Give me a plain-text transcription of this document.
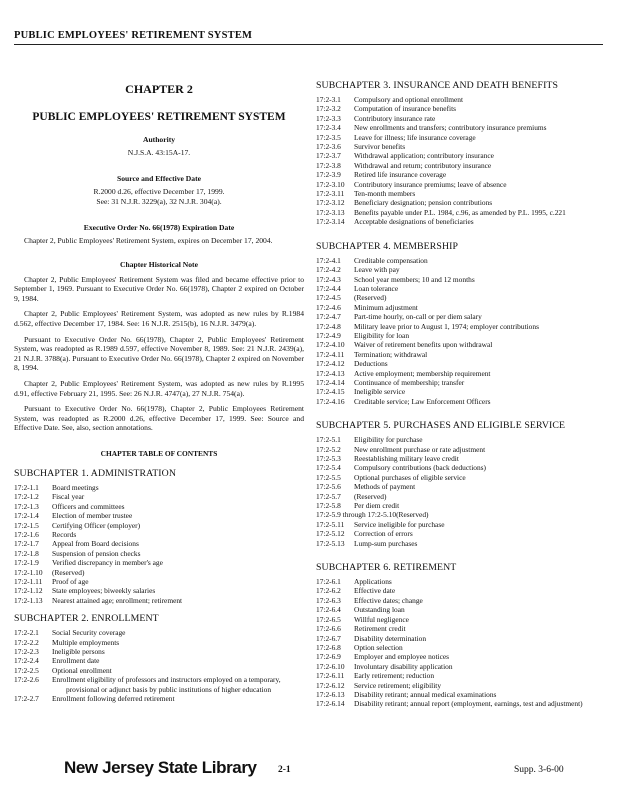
PUBLIC EMPLOYEES' RETIREMENT SYSTEM
CHAPTER 2
PUBLIC EMPLOYEES' RETIREMENT SYSTEM
Authority
N.J.S.A. 43:15A-17.
Source and Effective Date
R.2000 d.26, effective December 17, 1999.
See: 31 N.J.R. 3229(a), 32 N.J.R. 304(a).
Executive Order No. 66(1978) Expiration Date
Chapter 2, Public Employees' Retirement System, expires on December 17, 2004.
Chapter Historical Note
Chapter 2, Public Employees' Retirement System was filed and became effective prior to September 1, 1969. Pursuant to Executive Order No. 66(1978), Chapter 2 expired on October 9, 1984.
Chapter 2, Public Employees' Retirement System, was adopted as new rules by R.1984 d.562, effective December 17, 1984. See: 16 N.J.R. 2515(b), 16 N.J.R. 3479(a).
Pursuant to Executive Order No. 66(1978), Chapter 2, Public Employees' Retirement System, was readopted as R.1989 d.597, effective November 8, 1989. See: 21 N.J.R. 2439(a), 21 N.J.R. 3788(a). Pursuant to Executive Order No. 66(1978), Chapter 2 expired on November 8, 1994.
Chapter 2, Public Employees' Retirement System, was adopted as new rules by R.1995 d.91, effective February 21, 1995. See: 26 N.J.R. 4747(a), 27 N.J.R. 754(a).
Pursuant to Executive Order No. 66(1978), Chapter 2, Public Employees Retirement System, was readopted as R.2000 d.26, effective December 17, 1999. See: Source and Effective Date. See, also, section annotations.
CHAPTER TABLE OF CONTENTS
SUBCHAPTER 1. ADMINISTRATION
17:2-1.1	Board meetings
17:2-1.2	Fiscal year
17:2-1.3	Officers and committees
17:2-1.4	Election of member trustee
17:2-1.5	Certifying Officer (employer)
17:2-1.6	Records
17:2-1.7	Appeal from Board decisions
17:2-1.8	Suspension of pension checks
17:2-1.9	Verified discrepancy in member's age
17:2-1.10	(Reserved)
17:2-1.11	Proof of age
17:2-1.12	State employees; biweekly salaries
17:2-1.13	Nearest attained age; enrollment; retirement
SUBCHAPTER 2. ENROLLMENT
17:2-2.1	Social Security coverage
17:2-2.2	Multiple employments
17:2-2.3	Ineligible persons
17:2-2.4	Enrollment date
17:2-2.5	Optional enrollment
17:2-2.6	Enrollment eligibility of professors and instructors employed on a temporary, provisional or adjunct basis by public institutions of higher education
17:2-2.7	Enrollment following deferred retirement
SUBCHAPTER 3. INSURANCE AND DEATH BENEFITS
17:2-3.1	Compulsory and optional enrollment
17:2-3.2	Computation of insurance benefits
17:2-3.3	Contributory insurance rate
17:2-3.4	New enrollments and transfers; contributory insurance premiums
17:2-3.5	Leave for illness; life insurance coverage
17:2-3.6	Survivor benefits
17:2-3.7	Withdrawal application; contributory insurance
17:2-3.8	Withdrawal and return; contributory insurance
17:2-3.9	Retired life insurance coverage
17:2-3.10	Contributory insurance premiums; leave of absence
17:2-3.11	Ten-month members
17:2-3.12	Beneficiary designation; pension contributions
17:2-3.13	Benefits payable under P.L. 1984, c.96, as amended by P.L. 1995, c.221
17:2-3.14	Acceptable designations of beneficiaries
SUBCHAPTER 4. MEMBERSHIP
17:2-4.1	Creditable compensation
17:2-4.2	Leave with pay
17:2-4.3	School year members; 10 and 12 months
17:2-4.4	Loan tolerance
17:2-4.5	(Reserved)
17:2-4.6	Minimum adjustment
17:2-4.7	Part-time hourly, on-call or per diem salary
17:2-4.8	Military leave prior to August 1, 1974; employer contributions
17:2-4.9	Eligibility for loan
17:2-4.10	Waiver of retirement benefits upon withdrawal
17:2-4.11	Termination; withdrawal
17:2-4.12	Deductions
17:2-4.13	Active employment; membership requirement
17:2-4.14	Continuance of membership; transfer
17:2-4.15	Ineligible service
17:2-4.16	Creditable service; Law Enforcement Officers
SUBCHAPTER 5. PURCHASES AND ELIGIBLE SERVICE
17:2-5.1	Eligibility for purchase
17:2-5.2	New enrollment purchase or rate adjustment
17:2-5.3	Reestablishing military leave credit
17:2-5.4	Compulsory contributions (back deductions)
17:2-5.5	Optional purchases of eligible service
17:2-5.6	Methods of payment
17:2-5.7	(Reserved)
17:2-5.8	Per diem credit
17:2-5.9 through 17:2-5.10 (Reserved)
17:2-5.11	Service ineligible for purchase
17:2-5.12	Correction of errors
17:2-5.13	Lump-sum purchases
SUBCHAPTER 6. RETIREMENT
17:2-6.1	Applications
17:2-6.2	Effective date
17:2-6.3	Effective dates; change
17:2-6.4	Outstanding loan
17:2-6.5	Willful negligence
17:2-6.6	Retirement credit
17:2-6.7	Disability determination
17:2-6.8	Option selection
17:2-6.9	Employer and employee notices
17:2-6.10	Involuntary disability application
17:2-6.11	Early retirement; reduction
17:2-6.12	Service retirement; eligibility
17:2-6.13	Disability retirant; annual medical examinations
17:2-6.14	Disability retirant; annual report (employment, earnings, test and adjustment)
New Jersey State Library 2-1	Supp. 3-6-00
